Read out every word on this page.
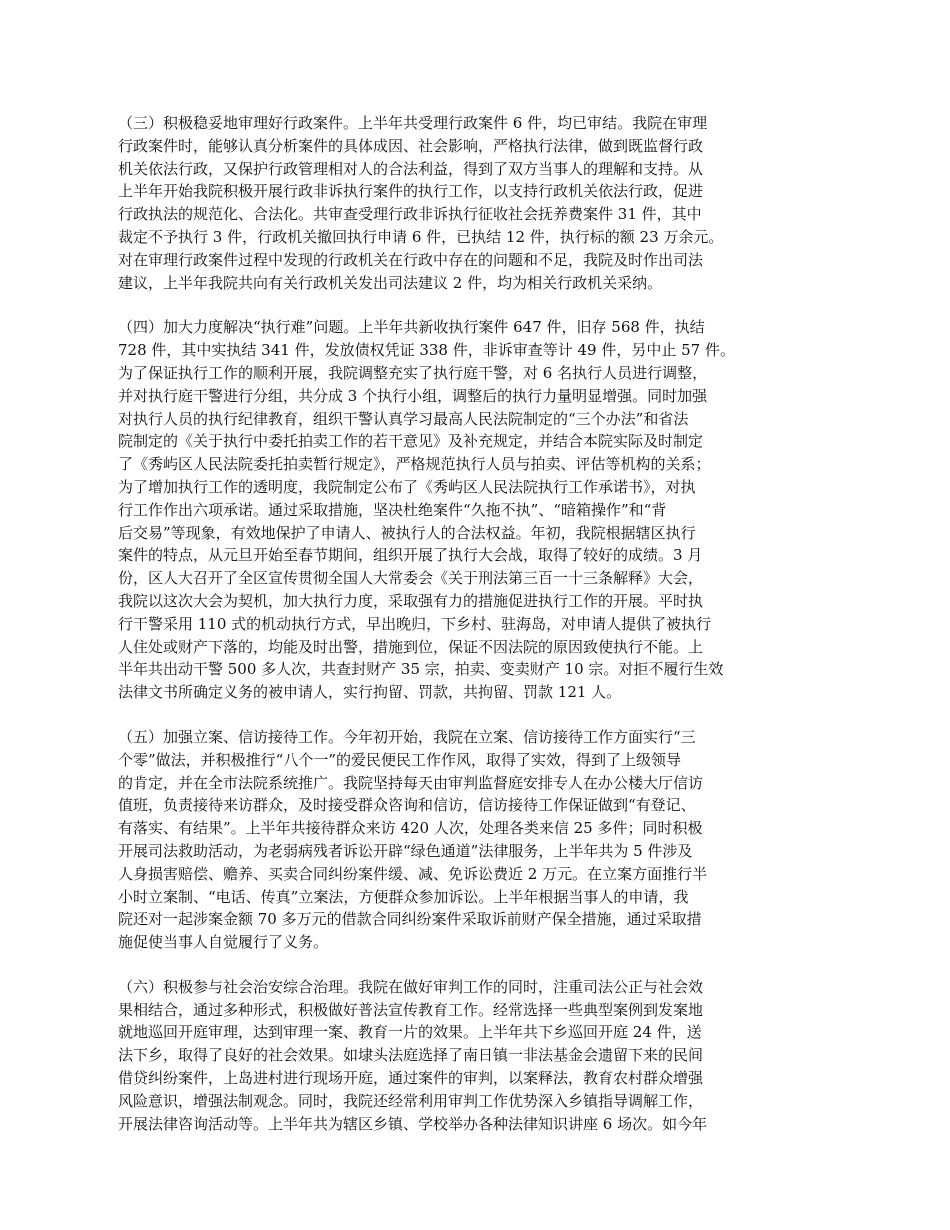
（三）积极稳妥地审理好行政案件。上半年共受理行政案件 6 件，均已审结。我院在审理
行政案件时，能够认真分析案件的具体成因、社会影响，严格执行法律，做到既监督行政
机关依法行政，又保护行政管理相对人的合法利益，得到了双方当事人的理解和支持。从
上半年开始我院积极开展行政非诉执行案件的执行工作，以支持行政机关依法行政，促进
行政执法的规范化、合法化。共审查受理行政非诉执行征收社会抚养费案件 31 件，其中
裁定不予执行 3 件，行政机关撤回执行申请 6 件，已执结 12 件，执行标的额 23 万余元。
对在审理行政案件过程中发现的行政机关在行政中存在的问题和不足，我院及时作出司法
建议，上半年我院共向有关行政机关发出司法建议 2 件，均为相关行政机关采纳。

（四）加大力度解决“执行难”问题。上半年共新收执行案件 647 件，旧存 568 件，执结
728 件，其中实执结 341 件，发放债权凭证 338 件，非诉审查等计 49 件，另中止 57 件。
为了保证执行工作的顺利开展，我院调整充实了执行庭干警，对 6 名执行人员进行调整，
并对执行庭干警进行分组，共分成 3 个执行小组，调整后的执行力量明显增强。同时加强
对执行人员的执行纪律教育，组织干警认真学习最高人民法院制定的“三个办法”和省法
院制定的《关于执行中委托拍卖工作的若干意见》及补充规定，并结合本院实际及时制定
了《秀屿区人民法院委托拍卖暂行规定》，严格规范执行人员与拍卖、评估等机构的关系；
为了增加执行工作的透明度，我院制定公布了《秀屿区人民法院执行工作承诺书》，对执
行工作作出六项承诺。通过采取措施，坚决杜绝案件“久拖不执”、“暗箱操作”和“背
后交易”等现象，有效地保护了申请人、被执行人的合法权益。年初，我院根据辖区执行
案件的特点，从元旦开始至春节期间，组织开展了执行大会战，取得了较好的成绩。3 月
份，区人大召开了全区宣传贯彻全国人大常委会《关于刑法第三百一十三条解释》大会，
我院以这次大会为契机，加大执行力度，采取强有力的措施促进执行工作的开展。平时执
行干警采用 110 式的机动执行方式，早出晚归，下乡村、驻海岛，对申请人提供了被执行
人住处或财产下落的，均能及时出警，措施到位，保证不因法院的原因致使执行不能。上
半年共出动干警 500 多人次，共查封财产 35 宗，拍卖、变卖财产 10 宗。对拒不履行生效
法律文书所确定义务的被申请人，实行拘留、罚款，共拘留、罚款 121 人。

（五）加强立案、信访接待工作。今年初开始，我院在立案、信访接待工作方面实行“三
个零”做法，并积极推行“八个一”的爱民便民工作作风，取得了实效，得到了上级领导
的肯定，并在全市法院系统推广。我院坚持每天由审判监督庭安排专人在办公楼大厅信访
值班，负责接待来访群众，及时接受群众咨询和信访，信访接待工作保证做到“有登记、
有落实、有结果”。上半年共接待群众来访 420 人次，处理各类来信 25 多件；同时积极
开展司法救助活动，为老弱病残者诉讼开辟“绿色通道”法律服务，上半年共为 5 件涉及
人身损害赔偿、赡养、买卖合同纠纷案件缓、减、免诉讼费近 2 万元。在立案方面推行半
小时立案制、“电话、传真”立案法，方便群众参加诉讼。上半年根据当事人的申请，我
院还对一起涉案金额 70 多万元的借款合同纠纷案件采取诉前财产保全措施，通过采取措
施促使当事人自觉履行了义务。

（六）积极参与社会治安综合治理。我院在做好审判工作的同时，注重司法公正与社会效
果相结合，通过多种形式，积极做好普法宣传教育工作。经常选择一些典型案例到发案地
就地巡回开庭审理，达到审理一案、教育一片的效果。上半年共下乡巡回开庭 24 件，送
法下乡，取得了良好的社会效果。如埭头法庭选择了南日镇一非法基金会遗留下来的民间
借贷纠纷案件，上岛进村进行现场开庭，通过案件的审判，以案释法，教育农村群众增强
风险意识，增强法制观念。同时，我院还经常利用审判工作优势深入乡镇指导调解工作，
开展法律咨询活动等。上半年共为辖区乡镇、学校举办各种法律知识讲座 6 场次。如今年
